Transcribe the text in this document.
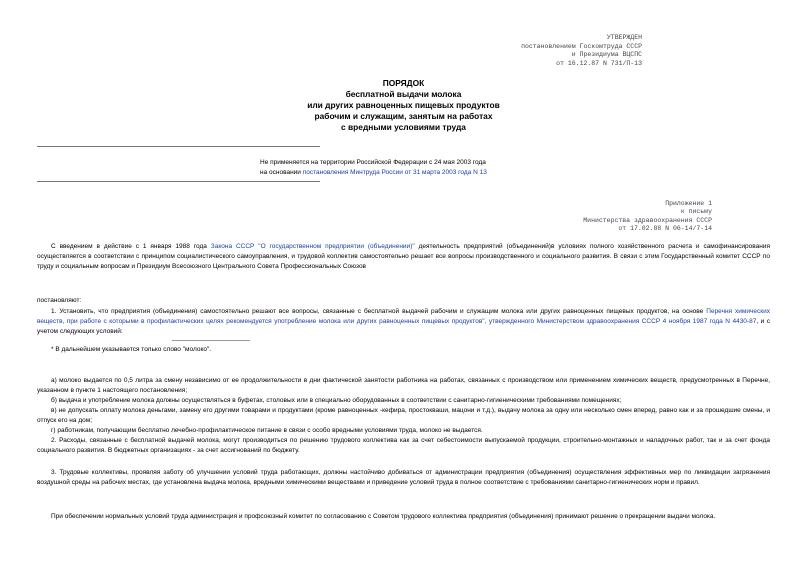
УТВЕРЖДЕН
постановлением Госкомтруда СССР
и Президиума ВЦСПС
от 16.12.87 N 731/П-13
ПОРЯДОК
бесплатной выдачи молока
или других равноценных пищевых продуктов
рабочим и служащим, занятым на работах
с вредными условиями труда
Не применяется на территории Российской Федерации с 24 мая 2003 года
на основании постановления Минтруда России от 31 марта 2003 года N 13
Приложение 1
к письму
Министерства здравоохранения СССР
от 17.02.88 N 06-14/7-14

С введением в действие с 1 января 1988 года Закона СССР "О государственном предприятии (объединении)" деятельность предприятий (объединений)в условиях полного хозяйственного расчета и самофинансирования осуществляется в соответствии с принципом социалистического самоуправления, и трудовой коллектив самостоятельно решает все вопросы производственного и социального развития. В связи с этим Государственный комитет СССР по труду и социальным вопросам и Президиум Всесоюзного Центрального Совета Профессиональных Союзов

постановляют:

1. Установить, что предприятия (объединения) самостоятельно решают все вопросы, связанные с бесплатной выдачей рабочим и служащим молока или других равноценных пищевых продуктов, на основе Перечня химических веществ, при работе с которыми в профилактических целях рекомендуется употребление молока или других равноценных пищевых продуктов", утвержденного Министерством здравоохранения СССР 4 ноября 1987 года N 4430-87, и с учетом следующих условий:

* В дальнейшем указывается только слово "молоко".

а) молоко выдается по 0,5 литра за смену независимо от ее продолжительности в дни фактической занятости работника на работах, связанных с производством или применением химических веществ, предусмотренных в Перечне, указанном в пункте 1 настоящего постановления;

б) выдача и употребление молока должны осуществляться в буфетах, столовых или в специально оборудованных в соответствии с санитарно-гигиеническими требованиями помещениях;

в) не допускать оплату молока деньгами, замену его другими товарами и продуктами (кроме равноценных -кефира, простокваши, мацони и т.д.), выдачу молока за одну или несколько смен вперед, равно как и за прошедшие смены, и отпуск его на дом;

г) работникам, получающим бесплатно лечебно-профилактическое питание в связи с особо вредными условиями труда, молоко не выдается.

2. Расходы, связанные с бесплатной выдачей молока, могут производиться по решению трудового коллектива как за счет себестоимости выпускаемой продукции, строительно-монтажных и наладочных работ, так и за счет фонда социального развития. В бюджетных организациях - за счет ассигнований по бюджету.

3. Трудовые коллективы, проявляя заботу об улучшении условий труда работающих, должны настойчиво добиваться от администрации предприятия (объединения) осуществления эффективных мер по ликвидации загрязнения воздушной среды на рабочих местах, где установлена выдача молока, вредными химическими веществами и приведение условий труда в полное соответствие с требованиями санитарно-гигиенических норм и правил.

При обеспечении нормальных условий труда администрация и профсоюзный комитет по согласованию с Советом трудового коллектива предприятия (объединения) принимают решение о прекращении выдачи молока.
